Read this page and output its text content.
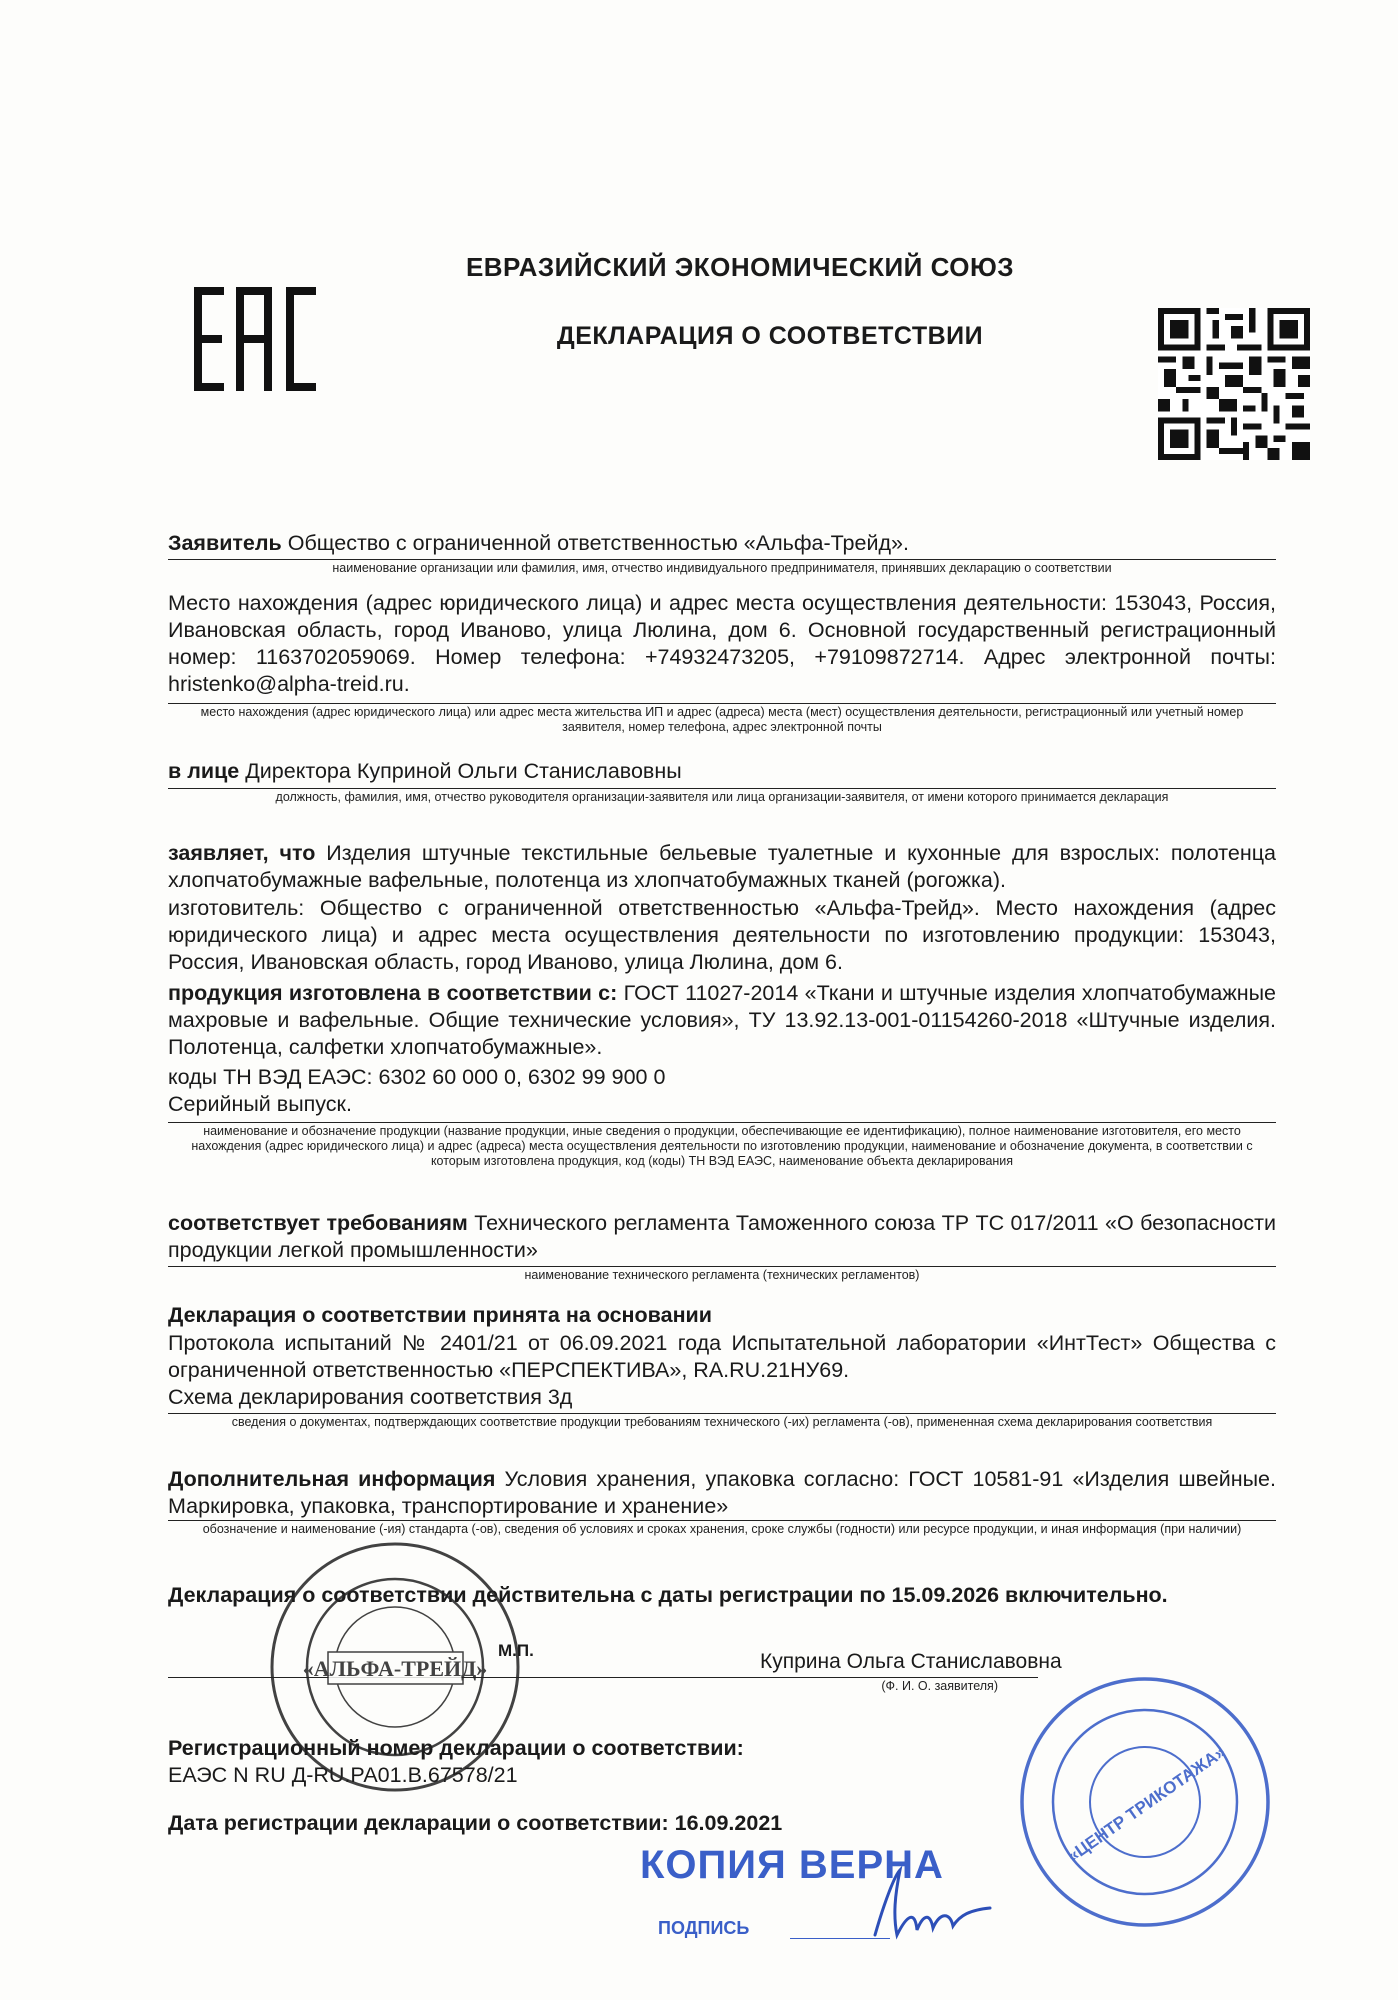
ЕВРАЗИЙСКИЙ ЭКОНОМИЧЕСКИЙ СОЮЗ
ДЕКЛАРАЦИЯ О СООТВЕТСТВИИ
Заявитель Общество с ограниченной ответственностью «Альфа-Трейд».
наименование организации или фамилия, имя, отчество индивидуального предпринимателя, принявших декларацию о соответствии
Место нахождения (адрес юридического лица) и адрес места осуществления деятельности: 153043, Россия, Ивановская область, город Иваново, улица Люлина, дом 6. Основной государственный регистрационный номер: 1163702059069. Номер телефона: +74932473205, +79109872714. Адрес электронной почты: hristenko@alpha-treid.ru.
место нахождения (адрес юридического лица) или адрес места жительства ИП и адрес (адреса) места (мест) осуществления деятельности, регистрационный или учетный номер заявителя, номер телефона, адрес электронной почты
в лице Директора Куприной Ольги Станиславовны
должность, фамилия, имя, отчество руководителя организации-заявителя или лица организации-заявителя, от имени которого принимается декларация
заявляет, что Изделия штучные текстильные бельевые туалетные и кухонные для взрослых: полотенца хлопчатобумажные вафельные, полотенца из хлопчатобумажных тканей (рогожка).
изготовитель: Общество с ограниченной ответственностью «Альфа-Трейд». Место нахождения (адрес юридического лица) и адрес места осуществления деятельности по изготовлению продукции: 153043, Россия, Ивановская область, город Иваново, улица Люлина, дом 6.
продукция изготовлена в соответствии с: ГОСТ 11027-2014 «Ткани и штучные изделия хлопчатобумажные махровые и вафельные. Общие технические условия», ТУ 13.92.13-001-01154260-2018 «Штучные изделия. Полотенца, салфетки хлопчатобумажные».
коды ТН ВЭД ЕАЭС: 6302 60 000 0, 6302 99 900 0
Серийный выпуск.
наименование и обозначение продукции (название продукции, иные сведения о продукции, обеспечивающие ее идентификацию), полное наименование изготовителя, его место нахождения (адрес юридического лица) и адрес (адреса) места осуществления деятельности по изготовлению продукции, наименование и обозначение документа, в соответствии с которым изготовлена продукция, код (коды) ТН ВЭД ЕАЭС, наименование объекта декларирования
соответствует требованиям Технического регламента Таможенного союза ТР ТС 017/2011 «О безопасности продукции легкой промышленности»
наименование технического регламента (технических регламентов)
Декларация о соответствии принята на основании
Протокола испытаний № 2401/21 от 06.09.2021 года Испытательной лаборатории «ИнтТест» Общества с ограниченной ответственностью «ПЕРСПЕКТИВА», RA.RU.21НУ69.
Схема декларирования соответствия 3д
сведения о документах, подтверждающих соответствие продукции требованиям технического (-их) регламента (-ов), примененная схема декларирования соответствия
Дополнительная информация Условия хранения, упаковка согласно: ГОСТ 10581-91 «Изделия швейные. Маркировка, упаковка, транспортирование и хранение»
обозначение и наименование (-ия) стандарта (-ов), сведения об условиях и сроках хранения, сроке службы (годности) или ресурсе продукции, и иная информация (при наличии)
Декларация о соответствии действительна с даты регистрации по 15.09.2026 включительно.
М.П.	Куприна Ольга Станиславовна
(Ф. И. О. заявителя)
Регистрационный номер декларации о соответствии:
ЕАЭС N RU Д-RU.РА01.В.67578/21
Дата регистрации декларации о соответствии: 16.09.2021
«АЛЬФА-ТРЕЙД»
«ЦЕНТР ТРИКОТАЖА»
КОПИЯ ВЕРНА
подпись
